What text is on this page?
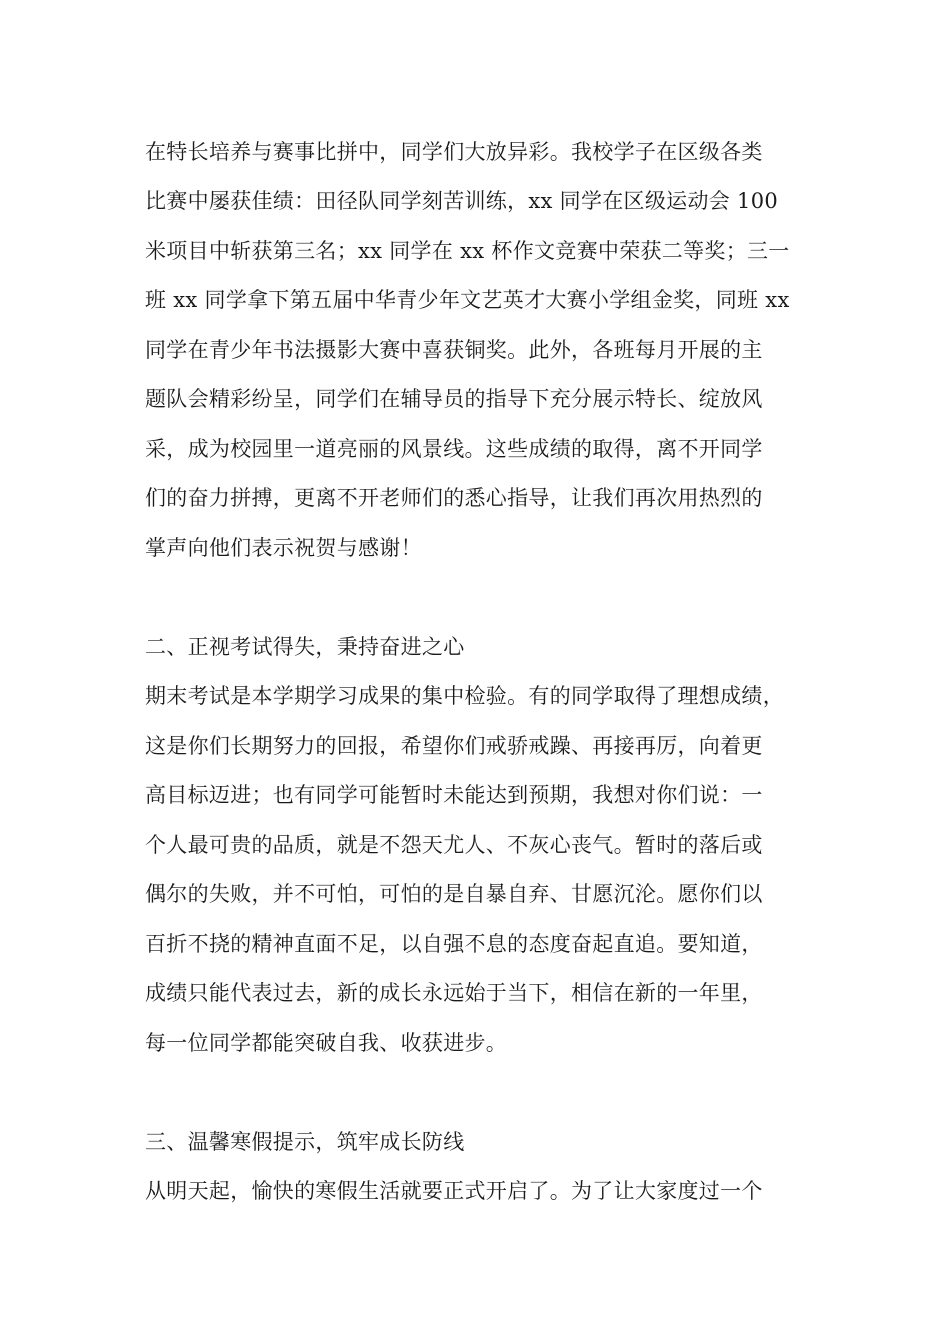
在特长培养与赛事比拼中，同学们大放异彩。我校学子在区级各类
比赛中屡获佳绩：田径队同学刻苦训练，xx 同学在区级运动会 100
米项目中斩获第三名；xx 同学在 xx 杯作文竞赛中荣获二等奖；三一
班 xx 同学拿下第五届中华青少年文艺英才大赛小学组金奖，同班 xx
同学在青少年书法摄影大赛中喜获铜奖。此外，各班每月开展的主
题队会精彩纷呈，同学们在辅导员的指导下充分展示特长、绽放风
采，成为校园里一道亮丽的风景线。这些成绩的取得，离不开同学
们的奋力拼搏，更离不开老师们的悉心指导，让我们再次用热烈的
掌声向他们表示祝贺与感谢！
二、正视考试得失，秉持奋进之心
期末考试是本学期学习成果的集中检验。有的同学取得了理想成绩，
这是你们长期努力的回报，希望你们戒骄戒躁、再接再厉，向着更
高目标迈进；也有同学可能暂时未能达到预期，我想对你们说：一
个人最可贵的品质，就是不怨天尤人、不灰心丧气。暂时的落后或
偶尔的失败，并不可怕，可怕的是自暴自弃、甘愿沉沦。愿你们以
百折不挠的精神直面不足，以自强不息的态度奋起直追。要知道，
成绩只能代表过去，新的成长永远始于当下，相信在新的一年里，
每一位同学都能突破自我、收获进步。
三、温馨寒假提示，筑牢成长防线
从明天起，愉快的寒假生活就要正式开启了。为了让大家度过一个
